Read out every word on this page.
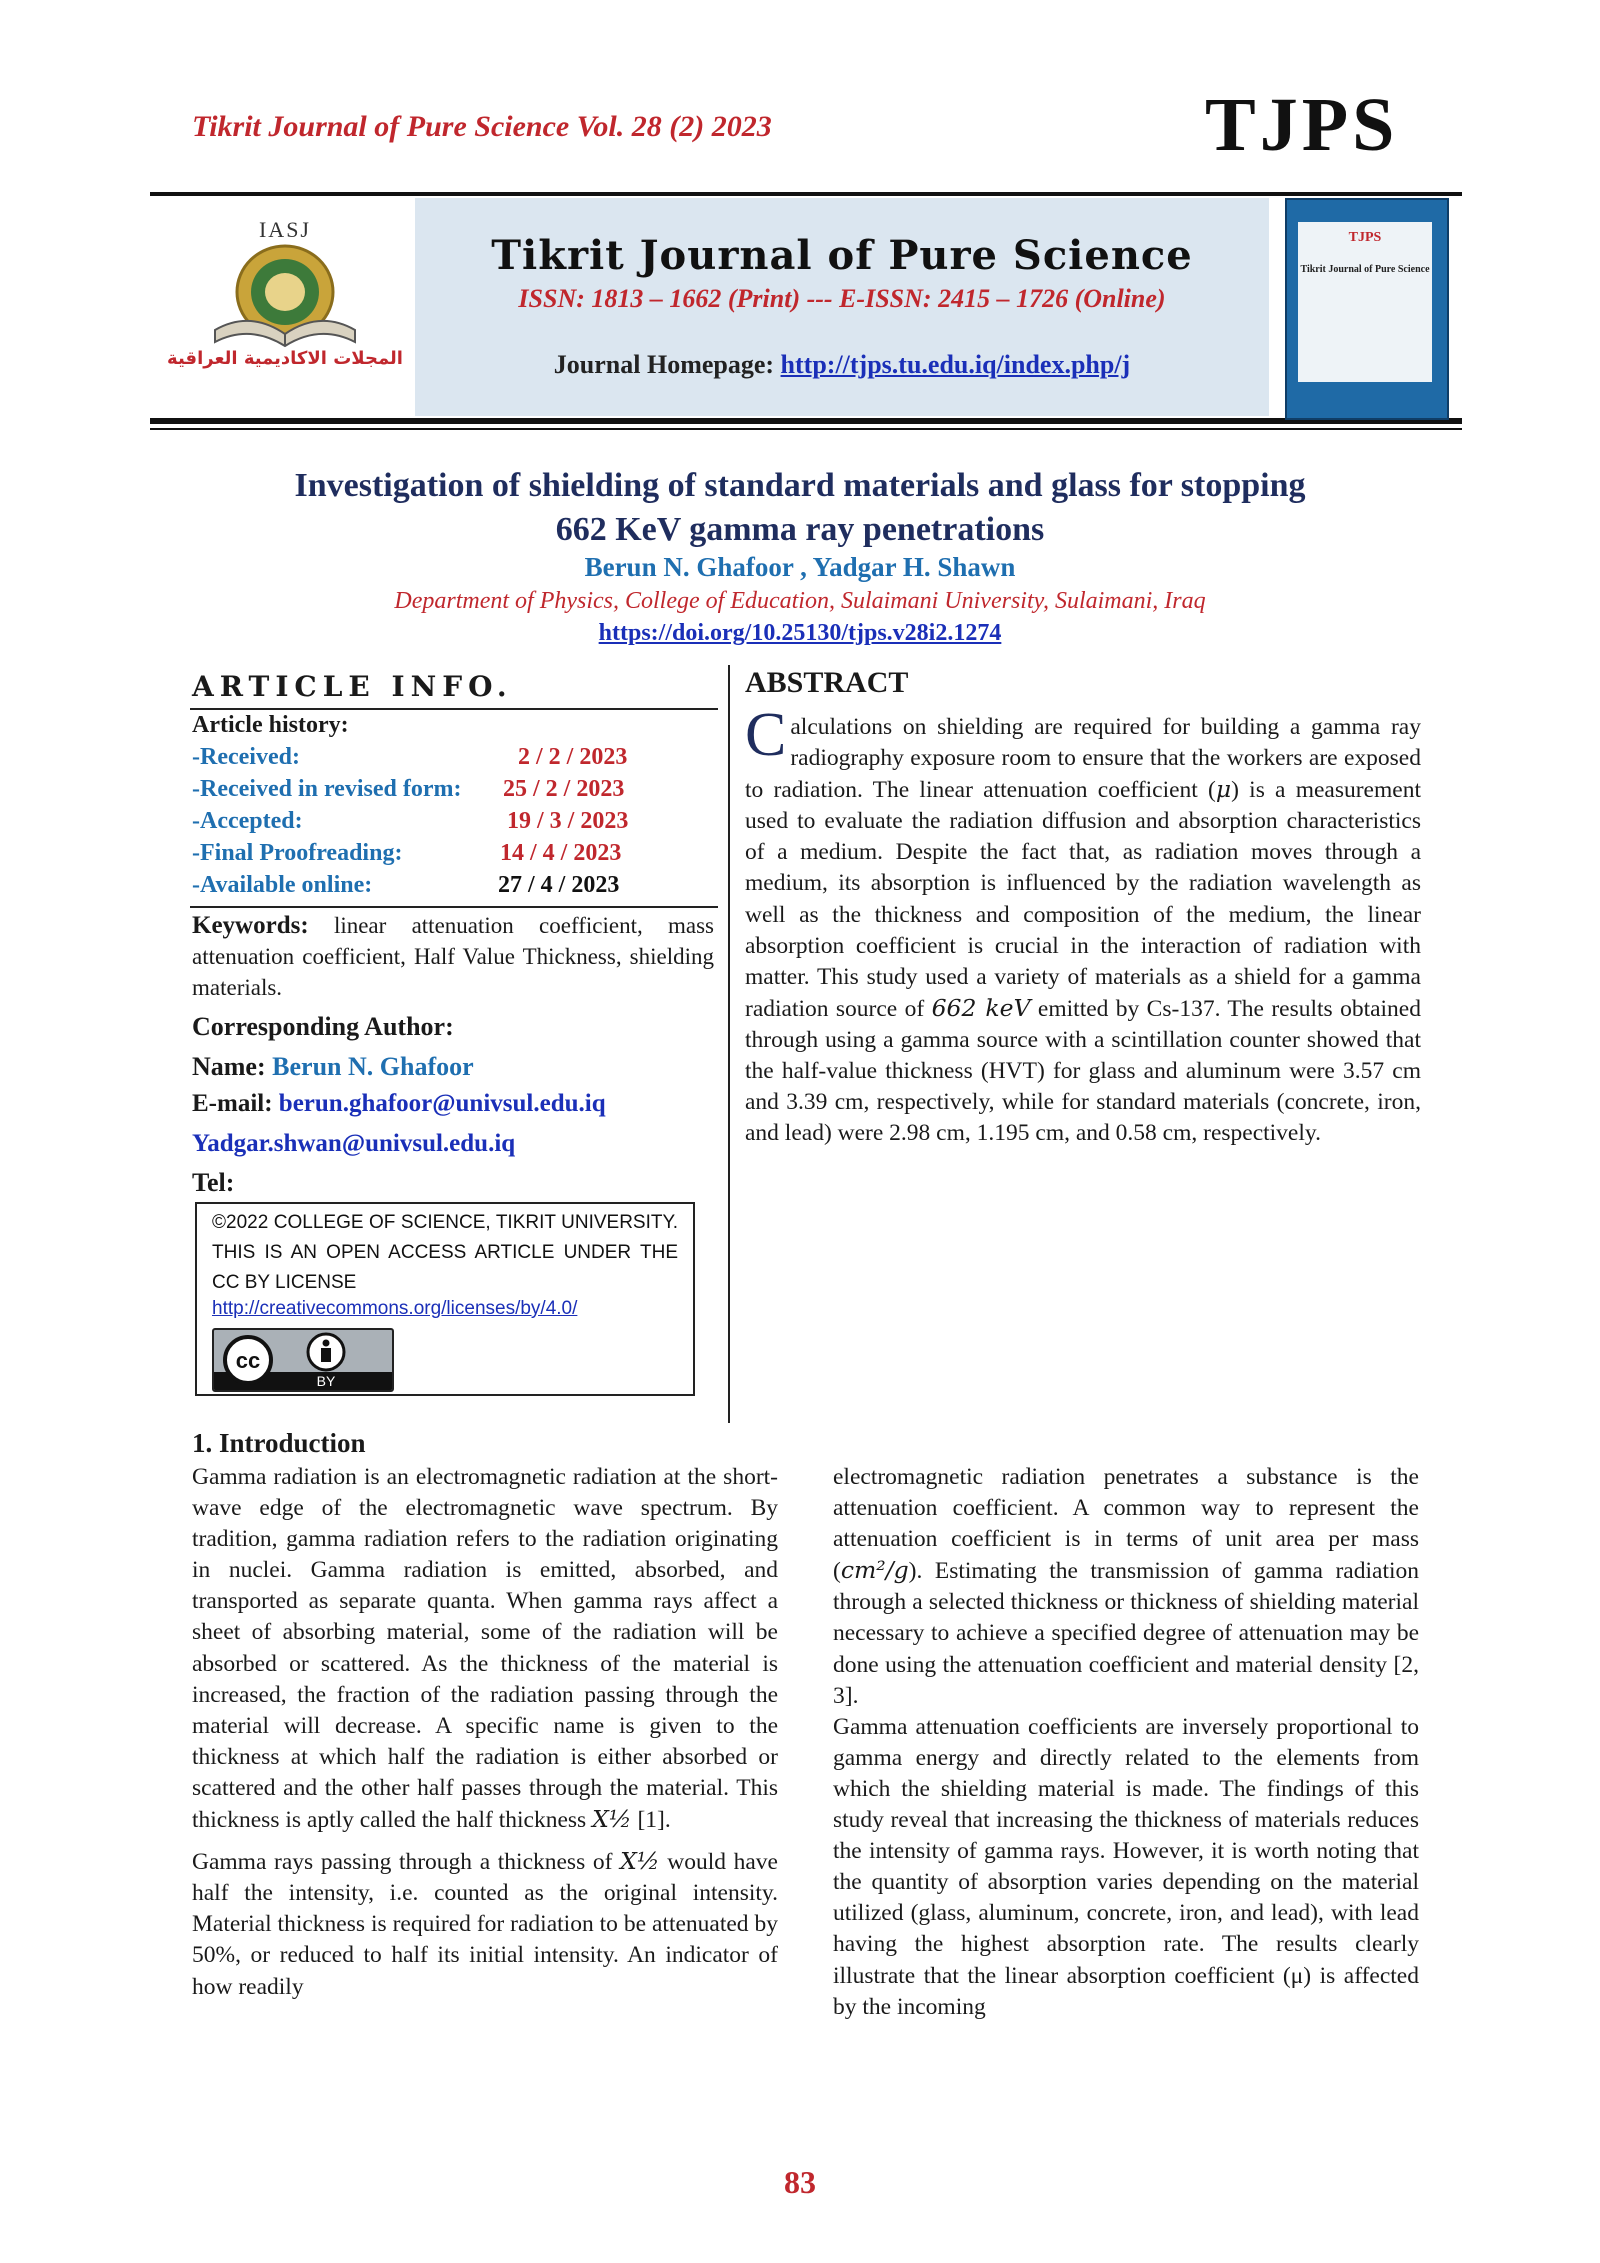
Tikrit Journal of Pure Science Vol. 28 (2) 2023	TJPS
IASJ
المجلات الاكاديمية العراقية
Tikrit Journal of Pure Science
ISSN: 1813 – 1662 (Print) --- E-ISSN: 2415 – 1726 (Online)
Journal Homepage: http://tjps.tu.edu.iq/index.php/j
TJPS
Tikrit Journal of Pure Science
Investigation of shielding of standard materials and glass for stopping
662 KeV gamma ray penetrations
Berun N. Ghafoor , Yadgar H. Shawn
Department of Physics, College of Education, Sulaimani University, Sulaimani, Iraq
https://doi.org/10.25130/tjps.v28i2.1274
ARTICLE INFO.
Article history:
-Received:	2 / 2 / 2023
-Received in revised form: 25 / 2 / 2023
-Accepted:	19 / 3 / 2023
-Final Proofreading:	14 / 4 / 2023
-Available online:	27 / 4 / 2023
Keywords: linear attenuation coefficient, mass attenuation coefficient, Half Value Thickness, shielding materials.
Corresponding Author:
Name: Berun N. Ghafoor
E-mail: berun.ghafoor@univsul.edu.iq
Yadgar.shwan@univsul.edu.iq
Tel:
©2022 COLLEGE OF SCIENCE, TIKRIT UNIVERSITY. THIS IS AN OPEN ACCESS ARTICLE UNDER THE CC BY LICENSE
http://creativecommons.org/licenses/by/4.0/
cc
BY
ABSTRACT
Calculations on shielding are required for building a gamma ray radiography exposure room to ensure that the workers are exposed to radiation. The linear attenuation coefficient (μ) is a measurement used to evaluate the radiation diffusion and absorption characteristics of a medium. Despite the fact that, as radiation moves through a medium, its absorption is influenced by the radiation wavelength as well as the thickness and composition of the medium, the linear absorption coefficient is crucial in the interaction of radiation with matter. This study used a variety of materials as a shield for a gamma radiation source of 662 keV emitted by Cs-137. The results obtained through using a gamma source with a scintillation counter showed that the half-value thickness (HVT) for glass and aluminum were 3.57 cm and 3.39 cm, respectively, while for standard materials (concrete, iron, and lead) were 2.98 cm, 1.195 cm, and 0.58 cm, respectively.
1. Introduction
Gamma radiation is an electromagnetic radiation at the short-wave edge of the electromagnetic wave spectrum. By tradition, gamma radiation refers to the radiation originating in nuclei. Gamma radiation is emitted, absorbed, and transported as separate quanta. When gamma rays affect a sheet of absorbing material, some of the radiation will be absorbed or scattered. As the thickness of the material is increased, the fraction of the radiation passing through the material will decrease. A specific name is given to the thickness at which half the radiation is either absorbed or scattered and the other half passes through the material. This thickness is aptly called the half thickness X½ [1].
Gamma rays passing through a thickness of X½ would have half the intensity, i.e. counted as the original intensity. Material thickness is required for radiation to be attenuated by 50%, or reduced to half its initial intensity. An indicator of how readily
electromagnetic radiation penetrates a substance is the attenuation coefficient. A common way to represent the attenuation coefficient is in terms of unit area per mass (cm²/g). Estimating the transmission of gamma radiation through a selected thickness or thickness of shielding material necessary to achieve a specified degree of attenuation may be done using the attenuation coefficient and material density [2, 3].
Gamma attenuation coefficients are inversely proportional to gamma energy and directly related to the elements from which the shielding material is made. The findings of this study reveal that increasing the thickness of materials reduces the intensity of gamma rays. However, it is worth noting that the quantity of absorption varies depending on the material utilized (glass, aluminum, concrete, iron, and lead), with lead having the highest absorption rate. The results clearly illustrate that the linear absorption coefficient (μ) is affected by the incoming
83
